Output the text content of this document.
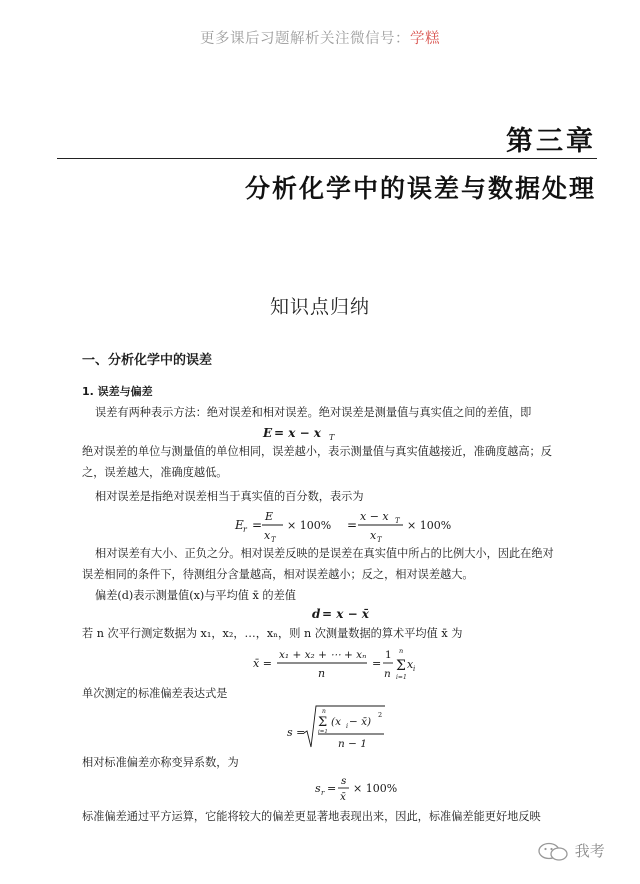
更多课后习题解析关注微信号：学糕
第三章
分析化学中的误差与数据处理
知识点归纳
一、分析化学中的误差
1. 误差与偏差
误差有两种表示方法：绝对误差和相对误差。绝对误差是测量值与真实值之间的差值，即
E = x − x T
绝对误差的单位与测量值的单位相同，误差越小，表示测量值与真实值越接近，准确度越高；反
之，误差越大，准确度越低。
相对误差是指绝对误差相当于真实值的百分数，表示为
E r =
E
x T
× 100% =
x − x T
x T
× 100%
相对误差有大小、正负之分。相对误差反映的是误差在真实值中所占的比例大小，因此在绝对
误差相同的条件下，待测组分含量越高，相对误差越小；反之，相对误差越大。
偏差(d)表示测量值(x)与平均值 x̄ 的差值
d = x − x̄
若 n 次平行测定数据为 x₁，x₂，…，xₙ，则 n 次测量数据的算术平均值 x̄ 为
x̄ =
x₁ + x₂ + ⋯ + xₙ
n
=
1
n
n
Σ
i=1
x i
单次测定的标准偏差表达式是
s =
n
Σ
i=1
(x i − x̄)
2
n − 1
相对标准偏差亦称变异系数，为
s r =
s
x̄
× 100%
标准偏差通过平方运算，它能将较大的偏差更显著地表现出来，因此，标准偏差能更好地反映
我考
